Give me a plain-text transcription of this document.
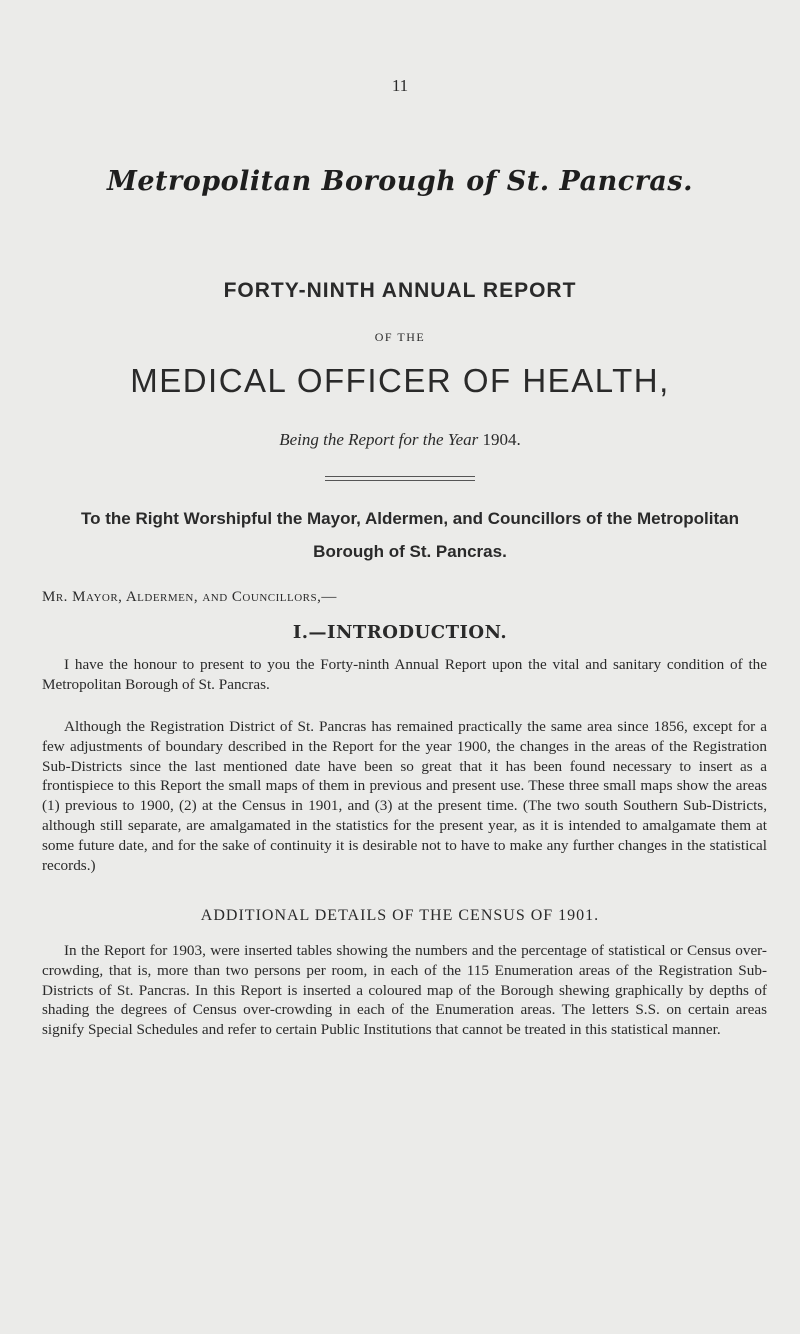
11
Metropolitan Borough of St. Pancras.
FORTY-NINTH ANNUAL REPORT
OF THE
MEDICAL OFFICER OF HEALTH,
Being the Report for the Year 1904.
To the Right Worshipful the Mayor, Aldermen, and Councillors of the Metropolitan Borough of St. Pancras.
Mr. Mayor, Aldermen, and Councillors,—
I.—INTRODUCTION.

I have the honour to present to you the Forty-ninth Annual Report upon the vital and sanitary condition of the Metropolitan Borough of St. Pancras.

Although the Registration District of St. Pancras has remained practically the same area since 1856, except for a few adjustments of boundary described in the Report for the year 1900, the changes in the areas of the Registration Sub-Districts since the last mentioned date have been so great that it has been found necessary to insert as a frontispiece to this Report the small maps of them in previous and present use. These three small maps show the areas (1) previous to 1900, (2) at the Census in 1901, and (3) at the present time. (The two south Southern Sub-Districts, although still separate, are amalgamated in the statistics for the present year, as it is intended to amalgamate them at some future date, and for the sake of continuity it is desirable not to have to make any further changes in the statistical records.)

ADDITIONAL DETAILS OF THE CENSUS OF 1901.

In the Report for 1903, were inserted tables showing the numbers and the percentage of statistical or Census over-crowding, that is, more than two persons per room, in each of the 115 Enumeration areas of the Registration Sub-Districts of St. Pancras. In this Report is inserted a coloured map of the Borough shewing graphically by depths of shading the degrees of Census over-crowding in each of the Enumeration areas. The letters S.S. on certain areas signify Special Schedules and refer to certain Public Institutions that cannot be treated in this statistical manner.
